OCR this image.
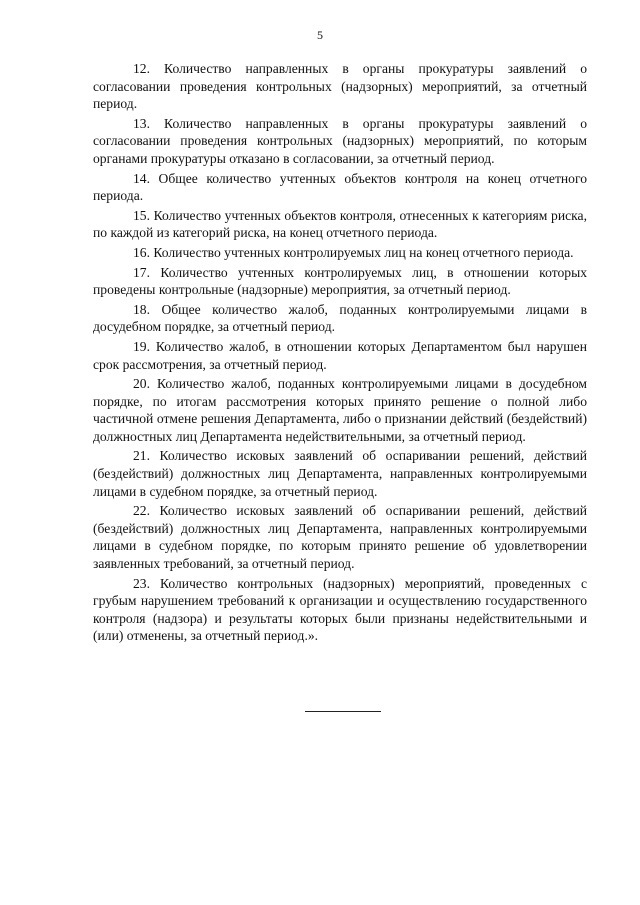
5

12. Количество направленных в органы прокуратуры заявлений о согласовании проведения контрольных (надзорных) мероприятий, за отчетный период.

13. Количество направленных в органы прокуратуры заявлений о согласовании проведения контрольных (надзорных) мероприятий, по которым органами прокуратуры отказано в согласовании, за отчетный период.

14. Общее количество учтенных объектов контроля на конец отчетного периода.

15. Количество учтенных объектов контроля, отнесенных к категориям риска, по каждой из категорий риска, на конец отчетного периода.

16. Количество учтенных контролируемых лиц на конец отчетного периода.

17. Количество учтенных контролируемых лиц, в отношении которых проведены контрольные (надзорные) мероприятия, за отчетный период.

18. Общее количество жалоб, поданных контролируемыми лицами в досудебном порядке, за отчетный период.

19. Количество жалоб, в отношении которых Департаментом был нарушен срок рассмотрения, за отчетный период.

20. Количество жалоб, поданных контролируемыми лицами в досудебном порядке, по итогам рассмотрения которых принято решение о полной либо частичной отмене решения Департамента, либо о признании действий (бездействий) должностных лиц Департамента недействительными, за отчетный период.

21. Количество исковых заявлений об оспаривании решений, действий (бездействий) должностных лиц Департамента, направленных контролируемыми лицами в судебном порядке, за отчетный период.

22. Количество исковых заявлений об оспаривании решений, действий (бездействий) должностных лиц Департамента, направленных контролируемыми лицами в судебном порядке, по которым принято решение об удовлетворении заявленных требований, за отчетный период.

23. Количество контрольных (надзорных) мероприятий, проведенных с грубым нарушением требований к организации и осуществлению государственного контроля (надзора) и результаты которых были признаны недействительными и (или) отменены, за отчетный период.».
